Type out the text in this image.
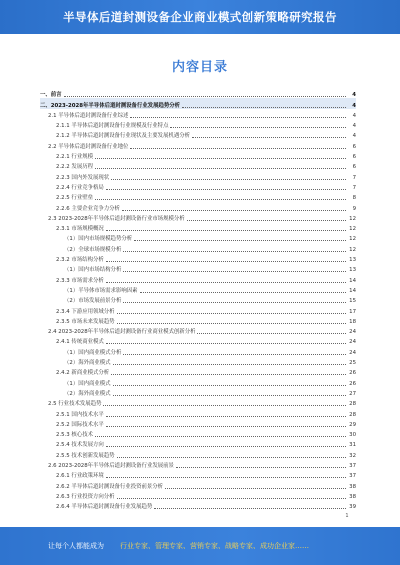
半导体后道封测设备企业商业模式创新策略研究报告
内容目录
一、前言	4
二、2023-2028年半导体后道封测设备行业发展趋势分析	4
2.1 半导体后道封测设备行业综述	4
2.1.1 半导体后道封测设备行业规模及行业特点	4
2.1.2 半导体后道封测设备行业现状及主要发展机遇分析	4
2.2 半导体后道封测设备行业地位	6
2.2.1 行业规模	6
2.2.2 发展历程	6
2.2.3 国内外发展现状	7
2.2.4 行业竞争格局	7
2.2.5 行业壁垒	8
2.2.6 主要企业竞争力分析	9
2.3 2023-2028年半导体后道封测设备行业市场规模分析	12
2.3.1 市场规模概况	12
（1）国内市场规模趋势分析	12
（2）全球市场规模分析	12
2.3.2 市场结构分析	13
（1）国内市场结构分析	13
2.3.3 市场需求分析	14
（1）半导体市场需求影响因素	14
（2）市场发展前景分析	15
2.3.4 下游应用领域分析	17
2.3.5 市场未来发展趋势	18
2.4 2023-2028年半导体后道封测设备行业商业模式创新分析	24
2.4.1 传统商业模式	24
（1）国内商业模式分析	24
（2）海外商业模式	25
2.4.2 新商业模式分析	26
（1）国内商业模式	26
（2）海外商业模式	27
2.5 行业技术发展趋势	28
2.5.1 国内技术水平	28
2.5.2 国际技术水平	29
2.5.3 核心技术	30
2.5.4 技术发展方向	31
2.5.5 技术创新发展趋势	32
2.6 2023-2028年半导体后道封测设备行业发展前景	37
2.6.1 行业政策环境	37
2.6.2 半导体后道封测设备行业投资前景分析	38
2.6.3 行业投资方向分析	38
2.6.4 半导体后道封测设备行业发展趋势	39
1
让每个人都能成为 行业专家、管理专家、营销专家、战略专家、成功企业家……
